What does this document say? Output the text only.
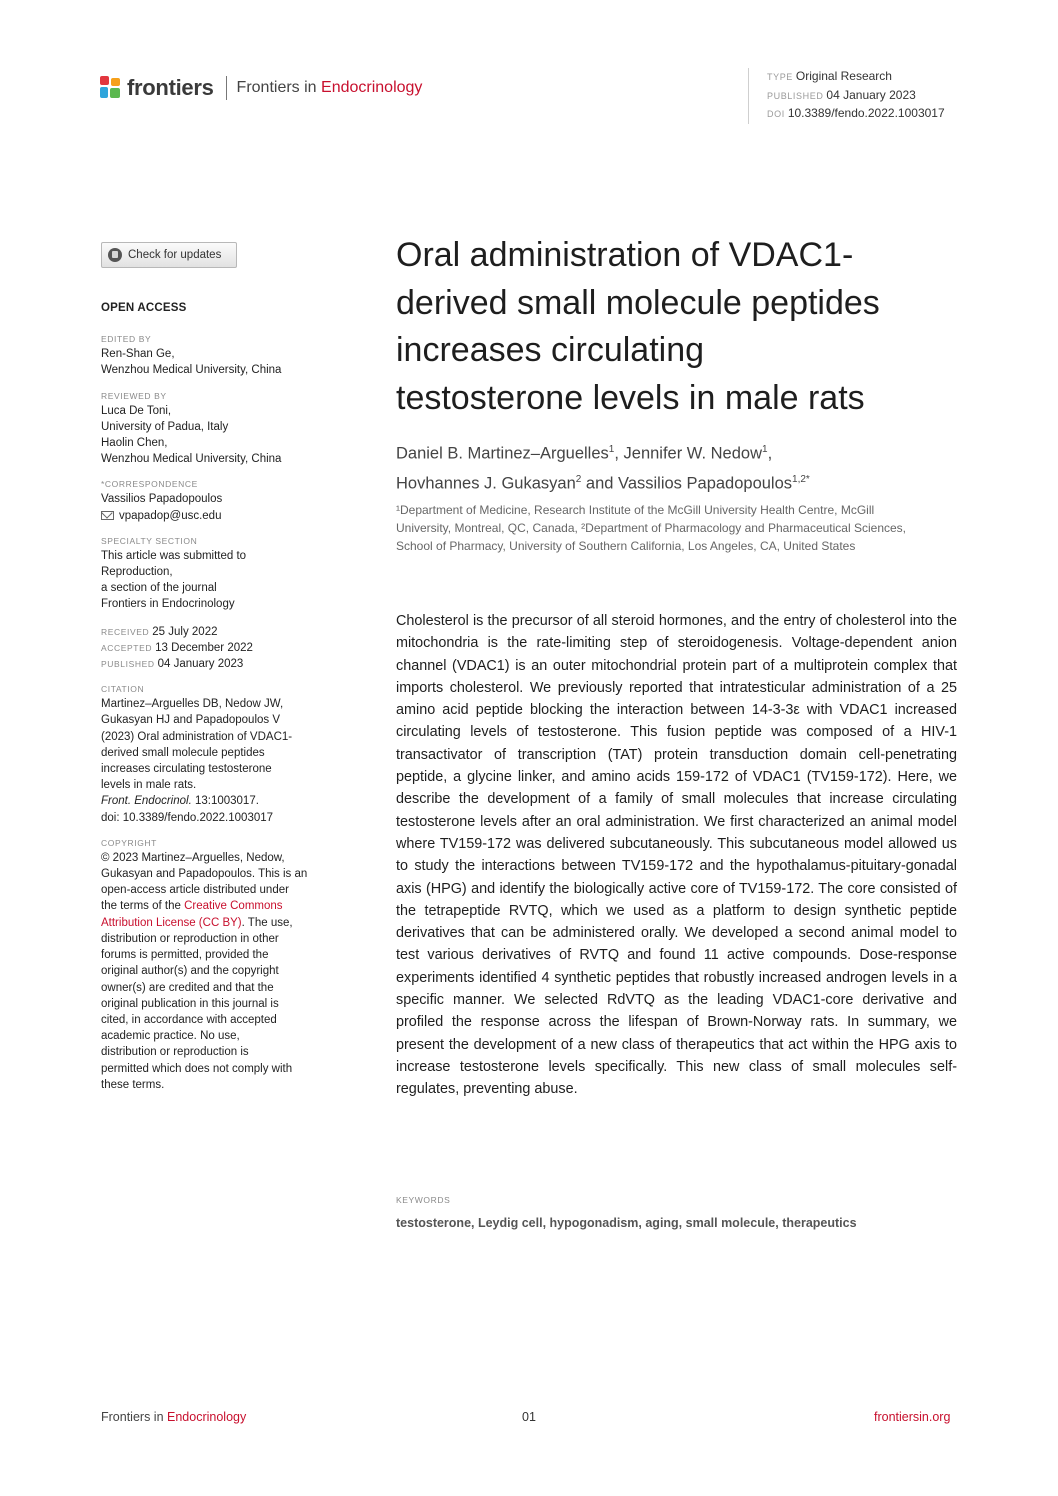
frontiers Frontiers in Endocrinology
TYPE Original Research
PUBLISHED 04 January 2023
DOI 10.3389/fendo.2022.1003017
Check for updates
OPEN ACCESS
EDITED BY
Ren-Shan Ge,
Wenzhou Medical University, China
REVIEWED BY
Luca De Toni,
University of Padua, Italy
Haolin Chen,
Wenzhou Medical University, China
*CORRESPONDENCE
Vassilios Papadopoulos
vpapadop@usc.edu
SPECIALTY SECTION
This article was submitted to
Reproduction,
a section of the journal
Frontiers in Endocrinology
RECEIVED 25 July 2022
ACCEPTED 13 December 2022
PUBLISHED 04 January 2023
CITATION
Martinez–Arguelles DB, Nedow JW,
Gukasyan HJ and Papadopoulos V
(2023) Oral administration of VDAC1-
derived small molecule peptides
increases circulating testosterone
levels in male rats.
Front. Endocrinol. 13:1003017.
doi: 10.3389/fendo.2022.1003017
COPYRIGHT
© 2023 Martinez–Arguelles, Nedow,
Gukasyan and Papadopoulos. This is an
open-access article distributed under
the terms of the Creative Commons
Attribution License (CC BY). The use,
distribution or reproduction in other
forums is permitted, provided the
original author(s) and the copyright
owner(s) are credited and that the
original publication in this journal is
cited, in accordance with accepted
academic practice. No use,
distribution or reproduction is
permitted which does not comply with
these terms.
Oral administration of VDAC1-
derived small molecule peptides
increases circulating
testosterone levels in male rats
Daniel B. Martinez–Arguelles$^1$, Jennifer W. Nedow$^1$,
Hovhannes J. Gukasyan$^2$ and Vassilios Papadopoulos$^{1,2*}$
¹Department of Medicine, Research Institute of the McGill University Health Centre, McGill
University, Montreal, QC, Canada, ²Department of Pharmacology and Pharmaceutical Sciences,
School of Pharmacy, University of Southern California, Los Angeles, CA, United States

Cholesterol is the precursor of all steroid hormones, and the entry of cholesterol into the mitochondria is the rate-limiting step of steroidogenesis. Voltage-dependent anion channel (VDAC1) is an outer mitochondrial protein part of a multiprotein complex that imports cholesterol. We previously reported that intratesticular administration of a 25 amino acid peptide blocking the interaction between 14-3-3ε with VDAC1 increased circulating levels of testosterone. This fusion peptide was composed of a HIV-1 transactivator of transcription (TAT) protein transduction domain cell-penetrating peptide, a glycine linker, and amino acids 159-172 of VDAC1 (TV159-172). Here, we describe the development of a family of small molecules that increase circulating testosterone levels after an oral administration. We first characterized an animal model where TV159-172 was delivered subcutaneously. This subcutaneous model allowed us to study the interactions between TV159-172 and the hypothalamus-pituitary-gonadal axis (HPG) and identify the biologically active core of TV159-172. The core consisted of the tetrapeptide RVTQ, which we used as a platform to design synthetic peptide derivatives that can be administered orally. We developed a second animal model to test various derivatives of RVTQ and found 11 active compounds. Dose-response experiments identified 4 synthetic peptides that robustly increased androgen levels in a specific manner. We selected RdVTQ as the leading VDAC1-core derivative and profiled the response across the lifespan of Brown-Norway rats. In summary, we present the development of a new class of therapeutics that act within the HPG axis to increase testosterone levels specifically. This new class of small molecules self-regulates, preventing abuse.

KEYWORDS
testosterone, Leydig cell, hypogonadism, aging, small molecule, therapeutics
Frontiers in Endocrinology	01	frontiersin.org
